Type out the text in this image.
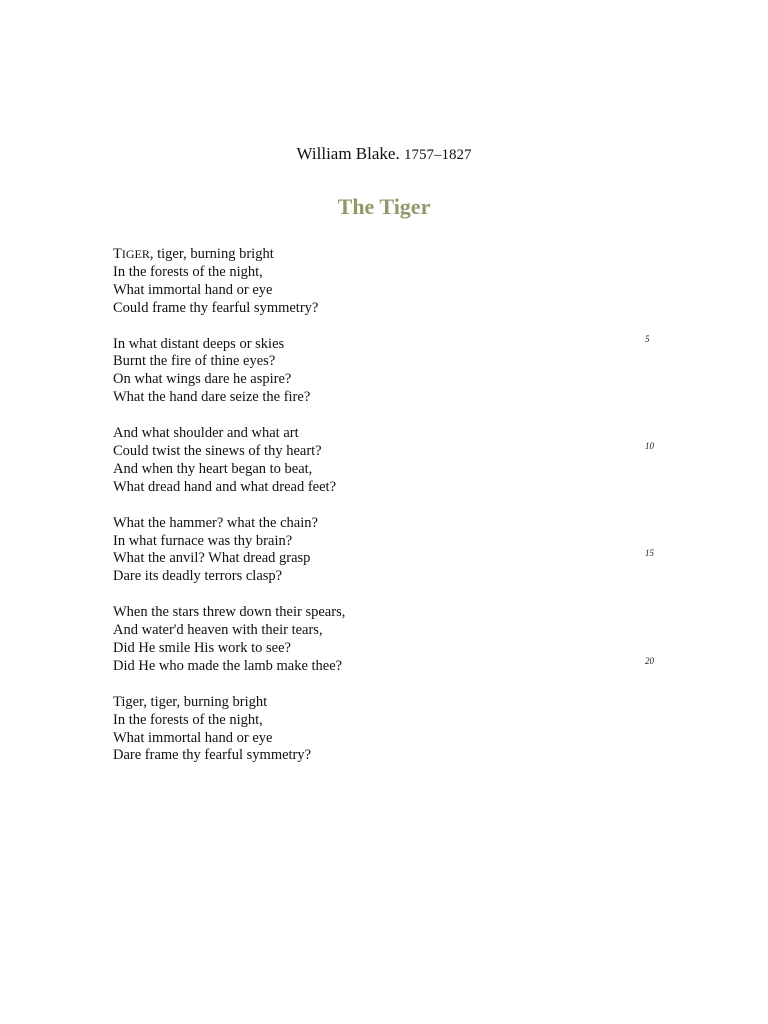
William Blake. 1757–1827
The Tiger
TIGER, tiger, burning bright
In the forests of the night,
What immortal hand or eye
Could frame thy fearful symmetry?
In what distant deeps or skies	5
Burnt the fire of thine eyes?
On what wings dare he aspire?
What the hand dare seize the fire?
And what shoulder and what art
Could twist the sinews of thy heart?	10
And when thy heart began to beat,
What dread hand and what dread feet?
What the hammer? what the chain?
In what furnace was thy brain?
What the anvil? What dread grasp	15
Dare its deadly terrors clasp?
When the stars threw down their spears,
And water'd heaven with their tears,
Did He smile His work to see?
Did He who made the lamb make thee?	20
Tiger, tiger, burning bright
In the forests of the night,
What immortal hand or eye
Dare frame thy fearful symmetry?
